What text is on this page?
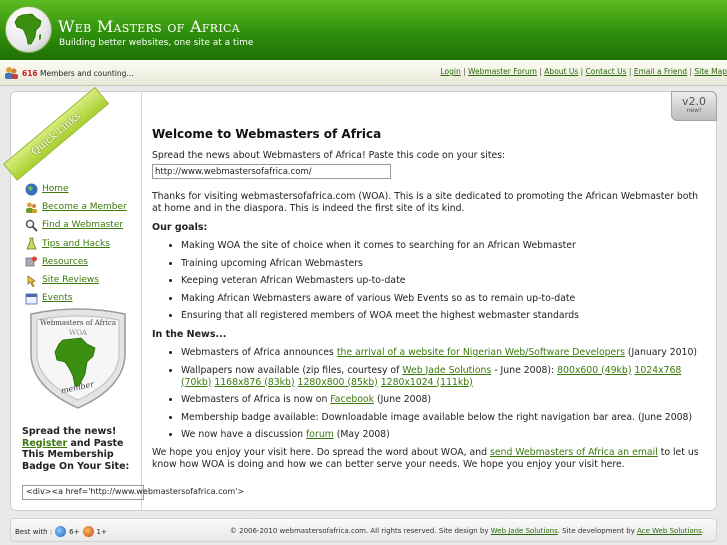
Web Masters of Africa
Building better websites, one site at a time
616 Members and counting...	Login | Webmaster Forum | About Us | Contact Us | Email a Friend | Site Map
v2.0
new!
Quick Links
Home
Become a Member
Find a Webmaster
Tips and Hacks
Resources
Site Reviews
Events
Webmasters of Africa
WOA
member
Spread the news!
Register and Paste This Membership Badge On Your Site:
<div><a href='http://www.webmastersofafrica.com'>
Welcome to Webmasters of Africa

Spread the news about Webmasters of Africa! Paste this code on your sites:

http://www.webmastersofafrica.com/

Thanks for visiting webmastersofafrica.com (WOA). This is a site dedicated to promoting the African Webmaster both at home and in the diaspora. This is indeed the first site of its kind.

Our goals:
• Making WOA the site of choice when it comes to searching for an African Webmaster
• Training upcoming African Webmasters
• Keeping veteran African Webmasters up-to-date
• Making African Webmasters aware of various Web Events so as to remain up-to-date
• Ensuring that all registered members of WOA meet the highest webmaster standards
In the News...
• Webmasters of Africa announces the arrival of a website for Nigerian Web/Software Developers (January 2010)
• Wallpapers now available (zip files, courtesy of Web Jade Solutions - June 2008): 800x600 (49kb) 1024x768 (70kb) 1168x876 (83kb) 1280x800 (85kb) 1280x1024 (111kb)
• Webmasters of Africa is now on Facebook (June 2008)
• Membership badge available: Downloadable image available below the right navigation bar area. (June 2008)
• We now have a discussion forum (May 2008)

We hope you enjoy your visit here. Do spread the word about WOA, and send Webmasters of Africa an email to let us know how WOA is doing and how we can better serve your needs. We hope you enjoy your visit here.

Best with : 6+ 1+	© 2006-2010 webmastersofafrica.com. All rights reserved. Site design by Web Jade Solutions. Site development by Ace Web Solutions.
